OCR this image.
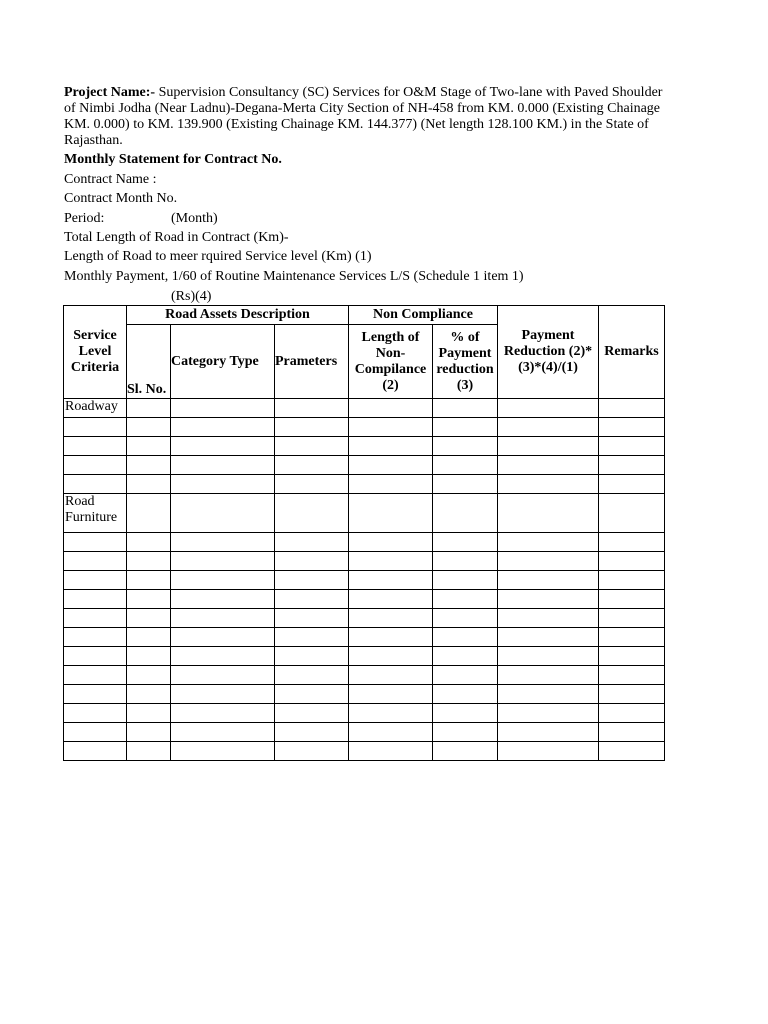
Project Name:- Supervision Consultancy (SC) Services for O&M Stage of Two-lane with Paved Shoulder of Nimbi Jodha (Near Ladnu)-Degana-Merta City Section of NH-458 from KM. 0.000 (Existing Chainage KM. 0.000) to KM. 139.900 (Existing Chainage KM. 144.377) (Net length 128.100 KM.) in the State of Rajasthan.
Monthly Statement for Contract No.
Contract Name :
Contract Month No.
Period:	(Month)
Total Length of Road in Contract (Km)-
Length of Road to meer rquired Service level (Km) (1)
Monthly Payment, 1/60 of Routine Maintenance Services L/S (Schedule 1 item 1)
(Rs)(4)
Service Level Criteria	Road Assets Description			Non Compliance		Payment Reduction (2)*(3)*(4)/(1)	Remarks
	Sl. No.	Category Type	Prameters	Length of Non-Compilance (2)	% of Payment reduction (3)		
Roadway							

Road Furniture							
